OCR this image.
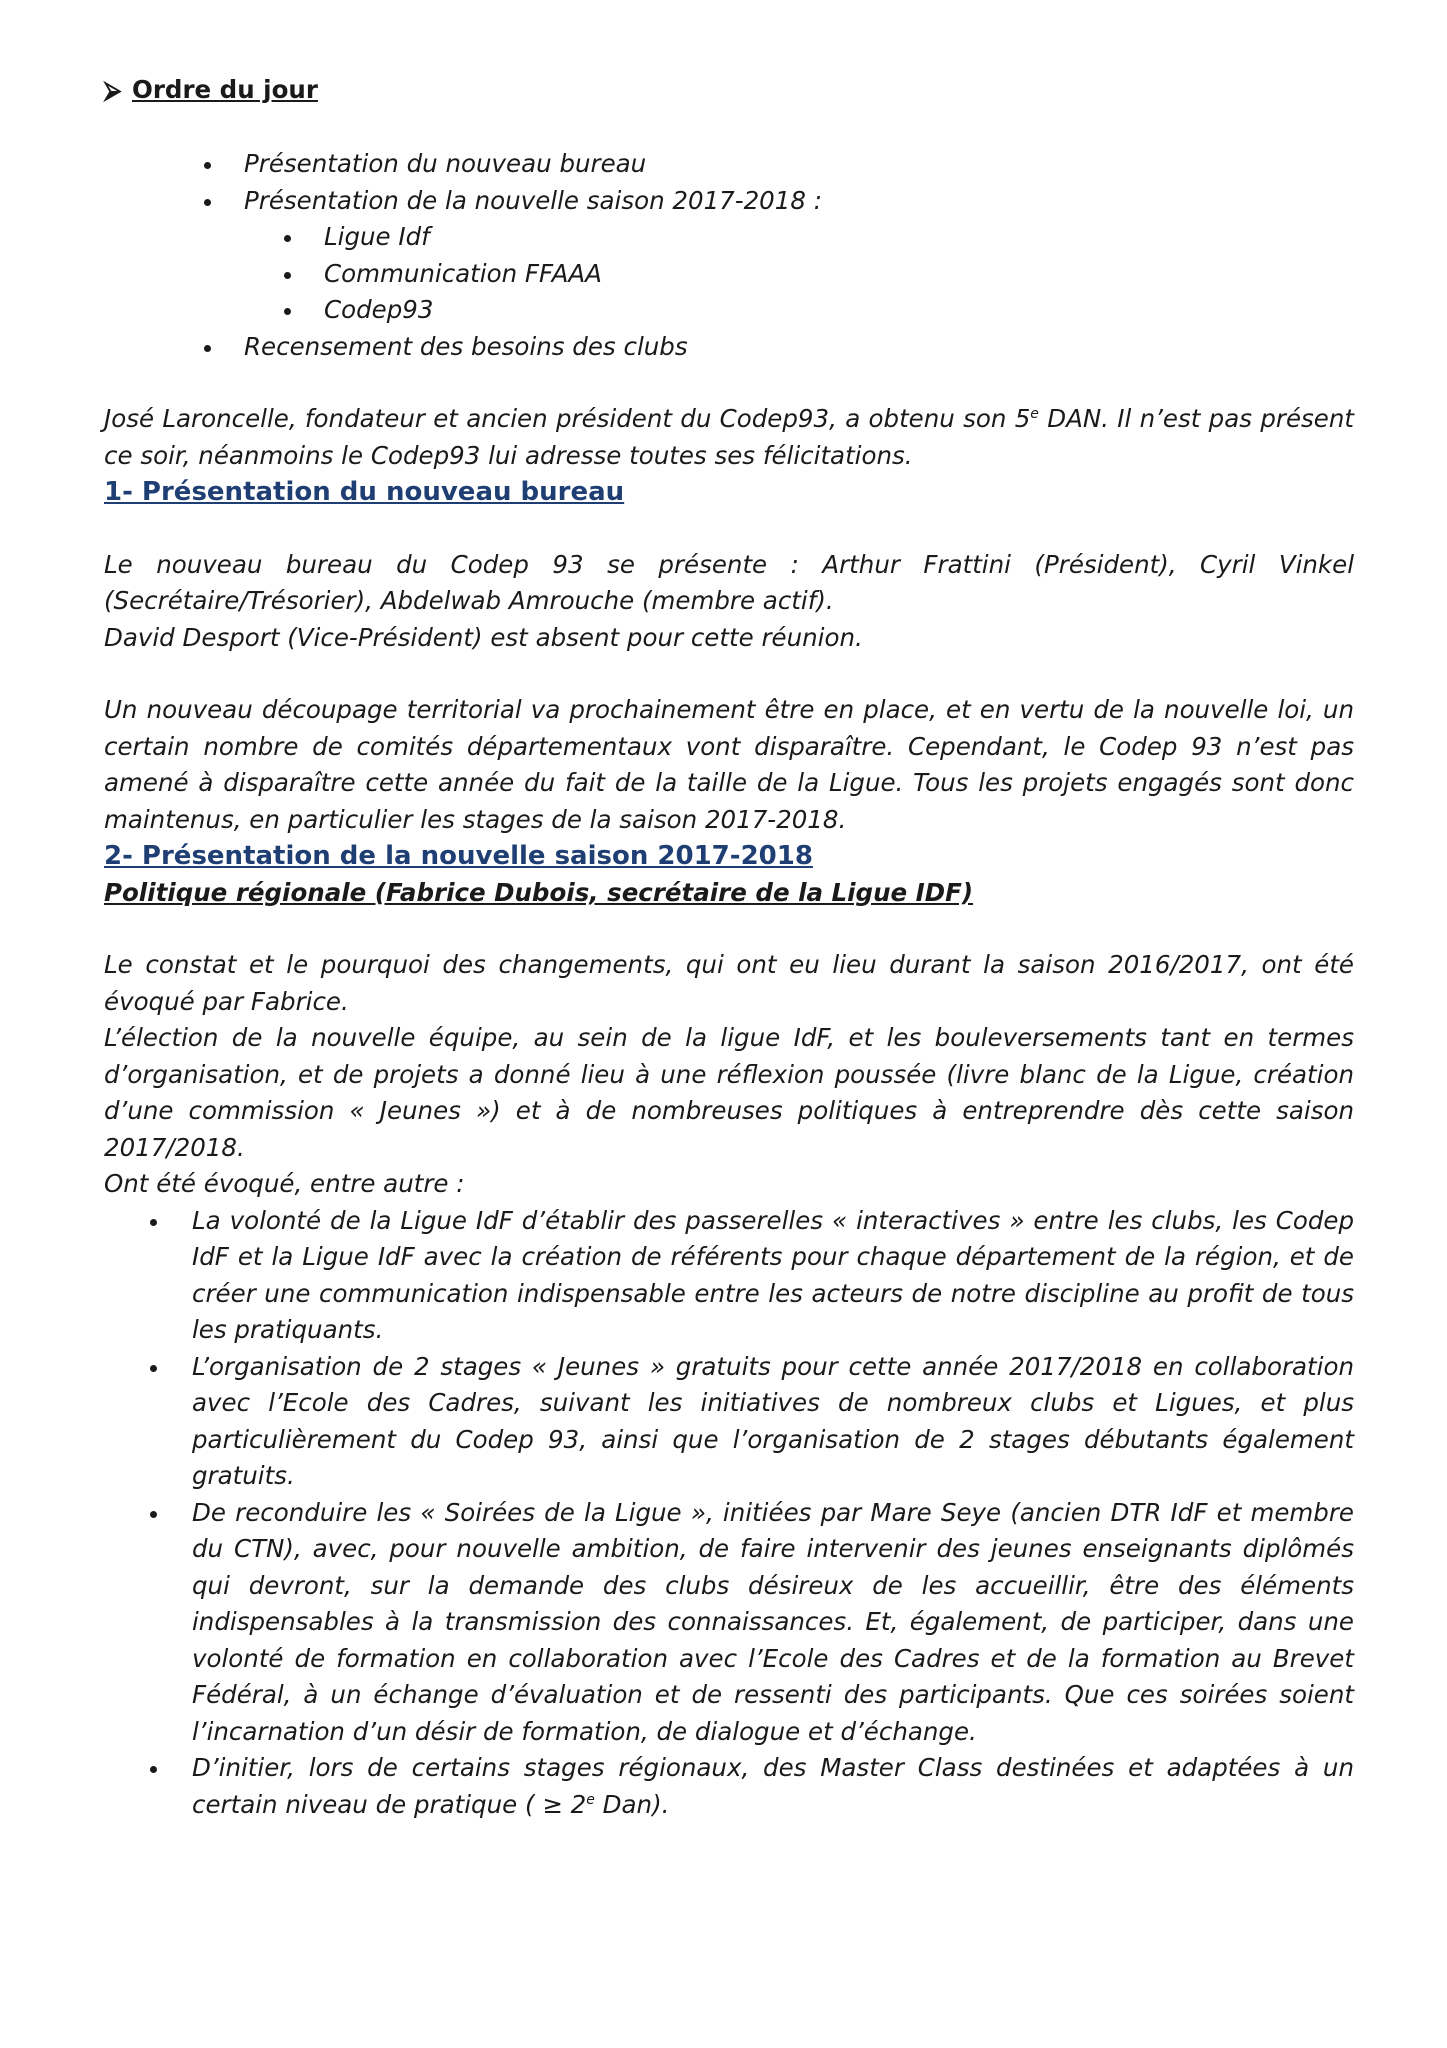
⮚ Ordre du jour
Présentation du nouveau bureau
Présentation de la nouvelle saison 2017-2018 :
Ligue Idf
Communication FFAAA
Codep93
Recensement des besoins des clubs

José Laroncelle, fondateur et ancien président du Codep93, a obtenu son 5e DAN. Il n’est pas présent ce soir, néanmoins le Codep93 lui adresse toutes ses félicitations.

1- Présentation du nouveau bureau

Le nouveau bureau du Codep 93 se présente : Arthur Frattini (Président), Cyril Vinkel (Secrétaire/Trésorier), Abdelwab Amrouche (membre actif).

David Desport (Vice-Président) est absent pour cette réunion.

Un nouveau découpage territorial va prochainement être en place, et en vertu de la nouvelle loi, un certain nombre de comités départementaux vont disparaître. Cependant, le Codep 93 n’est pas amené à disparaître cette année du fait de la taille de la Ligue. Tous les projets engagés sont donc maintenus, en particulier les stages de la saison 2017-2018.

2- Présentation de la nouvelle saison 2017-2018

Politique régionale (Fabrice Dubois, secrétaire de la Ligue IDF)

Le constat et le pourquoi des changements, qui ont eu lieu durant la saison 2016/2017, ont été évoqué par Fabrice.

L’élection de la nouvelle équipe, au sein de la ligue IdF, et les bouleversements tant en termes d’organisation, et de projets a donné lieu à une réflexion poussée (livre blanc de la Ligue, création d’une commission « Jeunes ») et à de nombreuses politiques à entreprendre dès cette saison 2017/2018.

Ont été évoqué, entre autre :

La volonté de la Ligue IdF d’établir des passerelles « interactives » entre les clubs, les Codep IdF et la Ligue IdF avec la création de référents pour chaque département de la région, et de créer une communication indispensable entre les acteurs de notre discipline au profit de tous les pratiquants.
L’organisation de 2 stages « Jeunes » gratuits pour cette année 2017/2018 en collaboration avec l’Ecole des Cadres, suivant les initiatives de nombreux clubs et Ligues, et plus particulièrement du Codep 93, ainsi que l’organisation de 2 stages débutants également gratuits.
De reconduire les « Soirées de la Ligue », initiées par Mare Seye (ancien DTR IdF et membre du CTN), avec, pour nouvelle ambition, de faire intervenir des jeunes enseignants diplômés qui devront, sur la demande des clubs désireux de les accueillir, être des éléments indispensables à la transmission des connaissances. Et, également, de participer, dans une volonté de formation en collaboration avec l’Ecole des Cadres et de la formation au Brevet Fédéral, à un échange d’évaluation et de ressenti des participants. Que ces soirées soient l’incarnation d’un désir de formation, de dialogue et d’échange.
D’initier, lors de certains stages régionaux, des Master Class destinées et adaptées à un certain niveau de pratique ( ≥ $2^e$ Dan).
